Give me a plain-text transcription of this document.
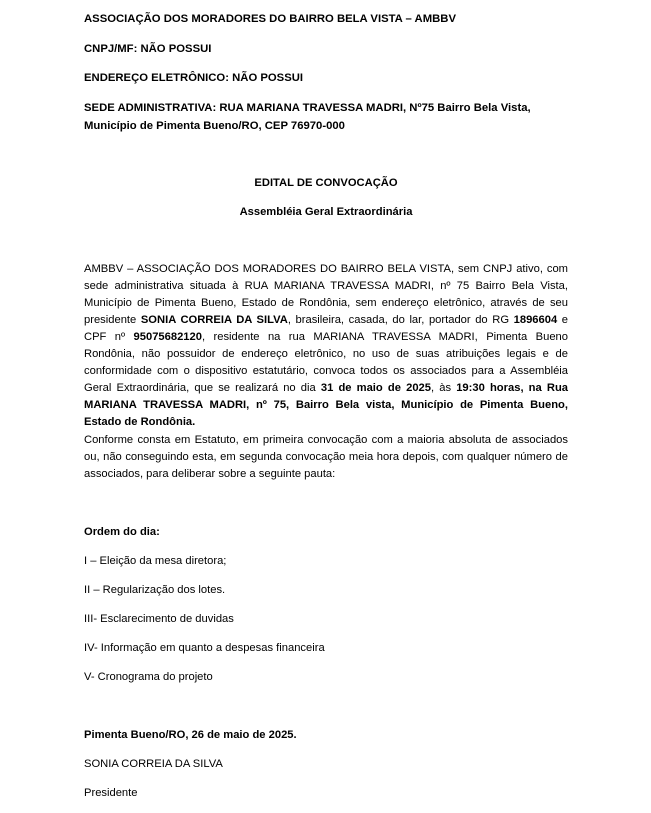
ASSOCIAÇÃO DOS MORADORES DO BAIRRO BELA VISTA – AMBBV
CNPJ/MF: NÃO POSSUI
ENDEREÇO ELETRÔNICO: NÃO POSSUI
SEDE ADMINISTRATIVA: RUA MARIANA TRAVESSA MADRI, Nº75 Bairro Bela Vista, Município de Pimenta Bueno/RO, CEP 76970-000
EDITAL DE CONVOCAÇÃO
Assembléia Geral Extraordinária
AMBBV – ASSOCIAÇÃO DOS MORADORES DO BAIRRO BELA VISTA, sem CNPJ ativo, com sede administrativa situada à RUA MARIANA TRAVESSA MADRI, nº 75 Bairro Bela Vista, Município de Pimenta Bueno, Estado de Rondônia, sem endereço eletrônico, através de seu presidente SONIA CORREIA DA SILVA, brasileira, casada, do lar, portador do RG 1896604 e CPF nº 95075682120, residente na rua MARIANA TRAVESSA MADRI, Pimenta Bueno Rondônia, não possuidor de endereço eletrônico, no uso de suas atribuições legais e de conformidade com o dispositivo estatutário, convoca todos os associados para a Assembléia Geral Extraordinária, que se realizará no dia 31 de maio de 2025, às 19:30 horas, na Rua MARIANA TRAVESSA MADRI, nº 75, Bairro Bela vista, Município de Pimenta Bueno, Estado de Rondônia.
Conforme consta em Estatuto, em primeira convocação com a maioria absoluta de associados ou, não conseguindo esta, em segunda convocação meia hora depois, com qualquer número de associados, para deliberar sobre a seguinte pauta:
Ordem do dia:
I – Eleição da mesa diretora;
II – Regularização dos lotes.
III- Esclarecimento de duvidas
IV- Informação em quanto a despesas financeira
V- Cronograma do projeto
Pimenta Bueno/RO, 26 de maio de 2025.
SONIA CORREIA DA SILVA
Presidente
